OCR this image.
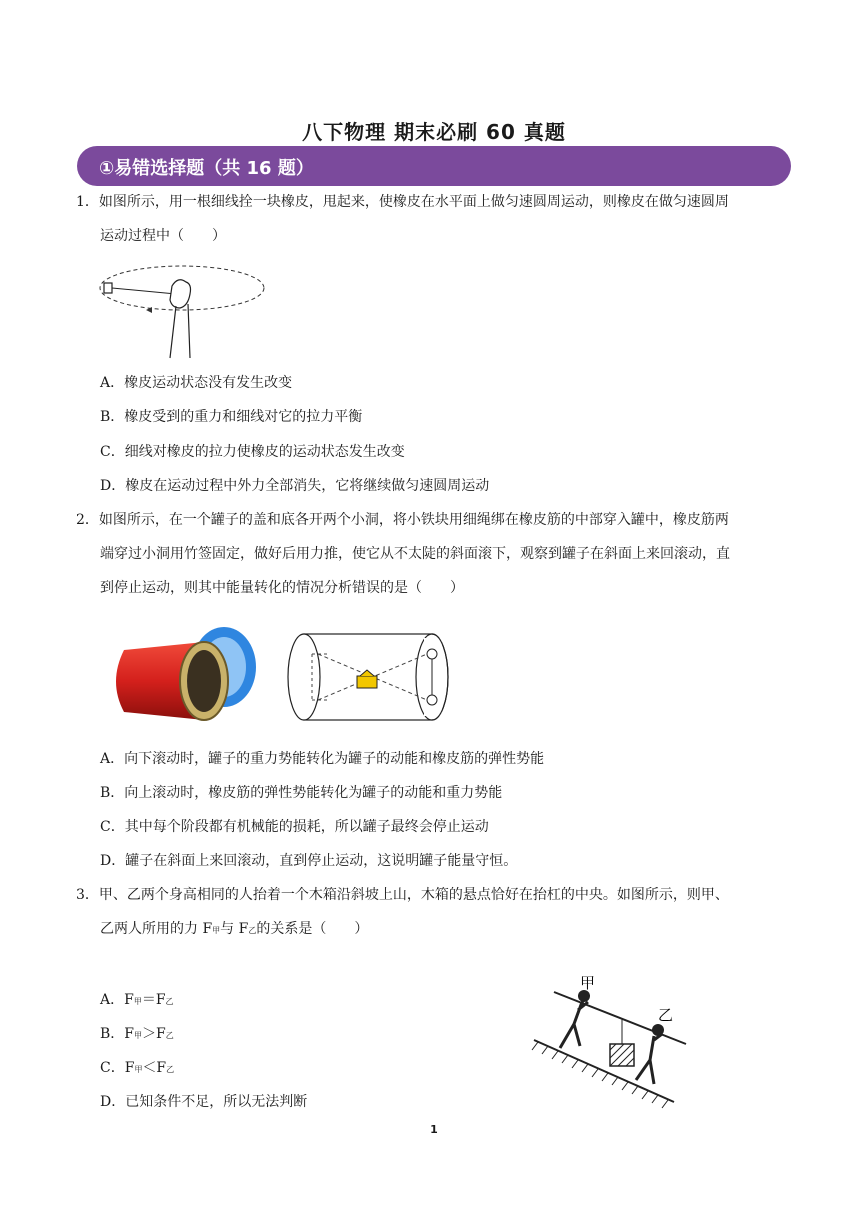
八下物理 期末必刷 60 真题
①易错选择题（共 16 题）
1．如图所示，用一根细线拴一块橡皮，甩起来，使橡皮在水平面上做匀速圆周运动，则橡皮在做匀速圆周
运动过程中（　　）
A．橡皮运动状态没有发生改变
B．橡皮受到的重力和细线对它的拉力平衡
C．细线对橡皮的拉力使橡皮的运动状态发生改变
D．橡皮在运动过程中外力全部消失，它将继续做匀速圆周运动
2．如图所示，在一个罐子的盖和底各开两个小洞，将小铁块用细绳绑在橡皮筋的中部穿入罐中，橡皮筋两
端穿过小洞用竹签固定，做好后用力推，使它从不太陡的斜面滚下，观察到罐子在斜面上来回滚动，直
到停止运动，则其中能量转化的情况分析错误的是（　　）
A．向下滚动时，罐子的重力势能转化为罐子的动能和橡皮筋的弹性势能
B．向上滚动时，橡皮筋的弹性势能转化为罐子的动能和重力势能
C．其中每个阶段都有机械能的损耗，所以罐子最终会停止运动
D．罐子在斜面上来回滚动，直到停止运动，这说明罐子能量守恒。
3．甲、乙两个身高相同的人抬着一个木箱沿斜坡上山，木箱的悬点恰好在抬杠的中央。如图所示，则甲、
乙两人所用的力 F甲与 F乙的关系是（　　）
A．F甲＝F乙
B．F甲＞F乙
C．F甲＜F乙
D．已知条件不足，所以无法判断
甲
乙
1
